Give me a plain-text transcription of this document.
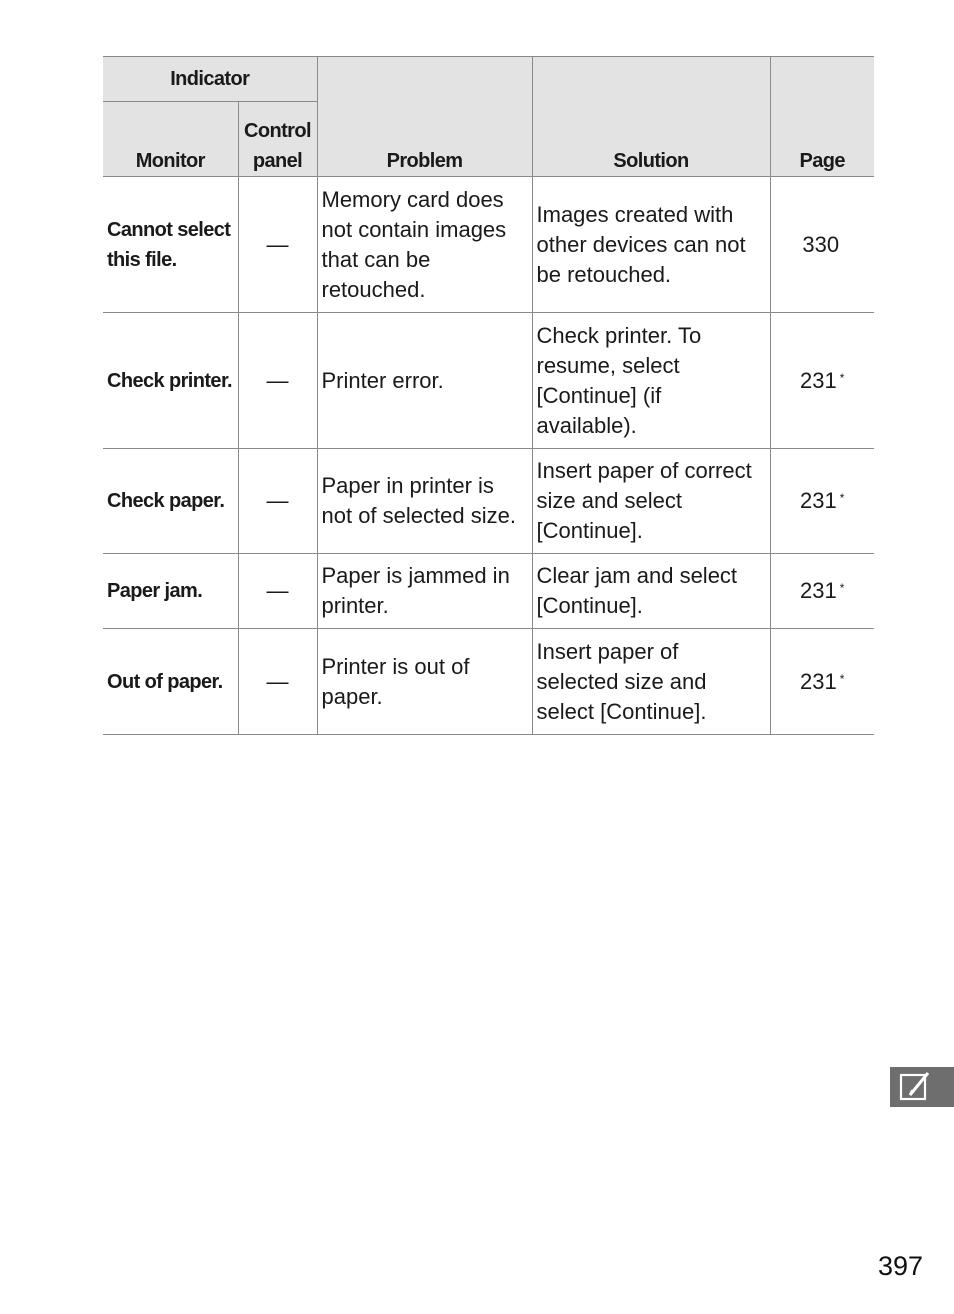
Indicator		Problem	Solution	Page
Monitor	Control
panel			
Cannot select this file.	—	Memory card does not contain images that can be retouched.	Images created with other devices can not be retouched.	330
Check printer.	—	Printer error.	Check printer. To resume, select [Continue] (if available).	231 *
Check paper.	—	Paper in printer is not of selected size.	Insert paper of correct size and select [Continue].	231 *
Paper jam.	—	Paper is jammed in printer.	Clear jam and select [Continue].	231 *
Out of paper.	—	Printer is out of paper.	Insert paper of selected size and select [Continue].	231 *
397
